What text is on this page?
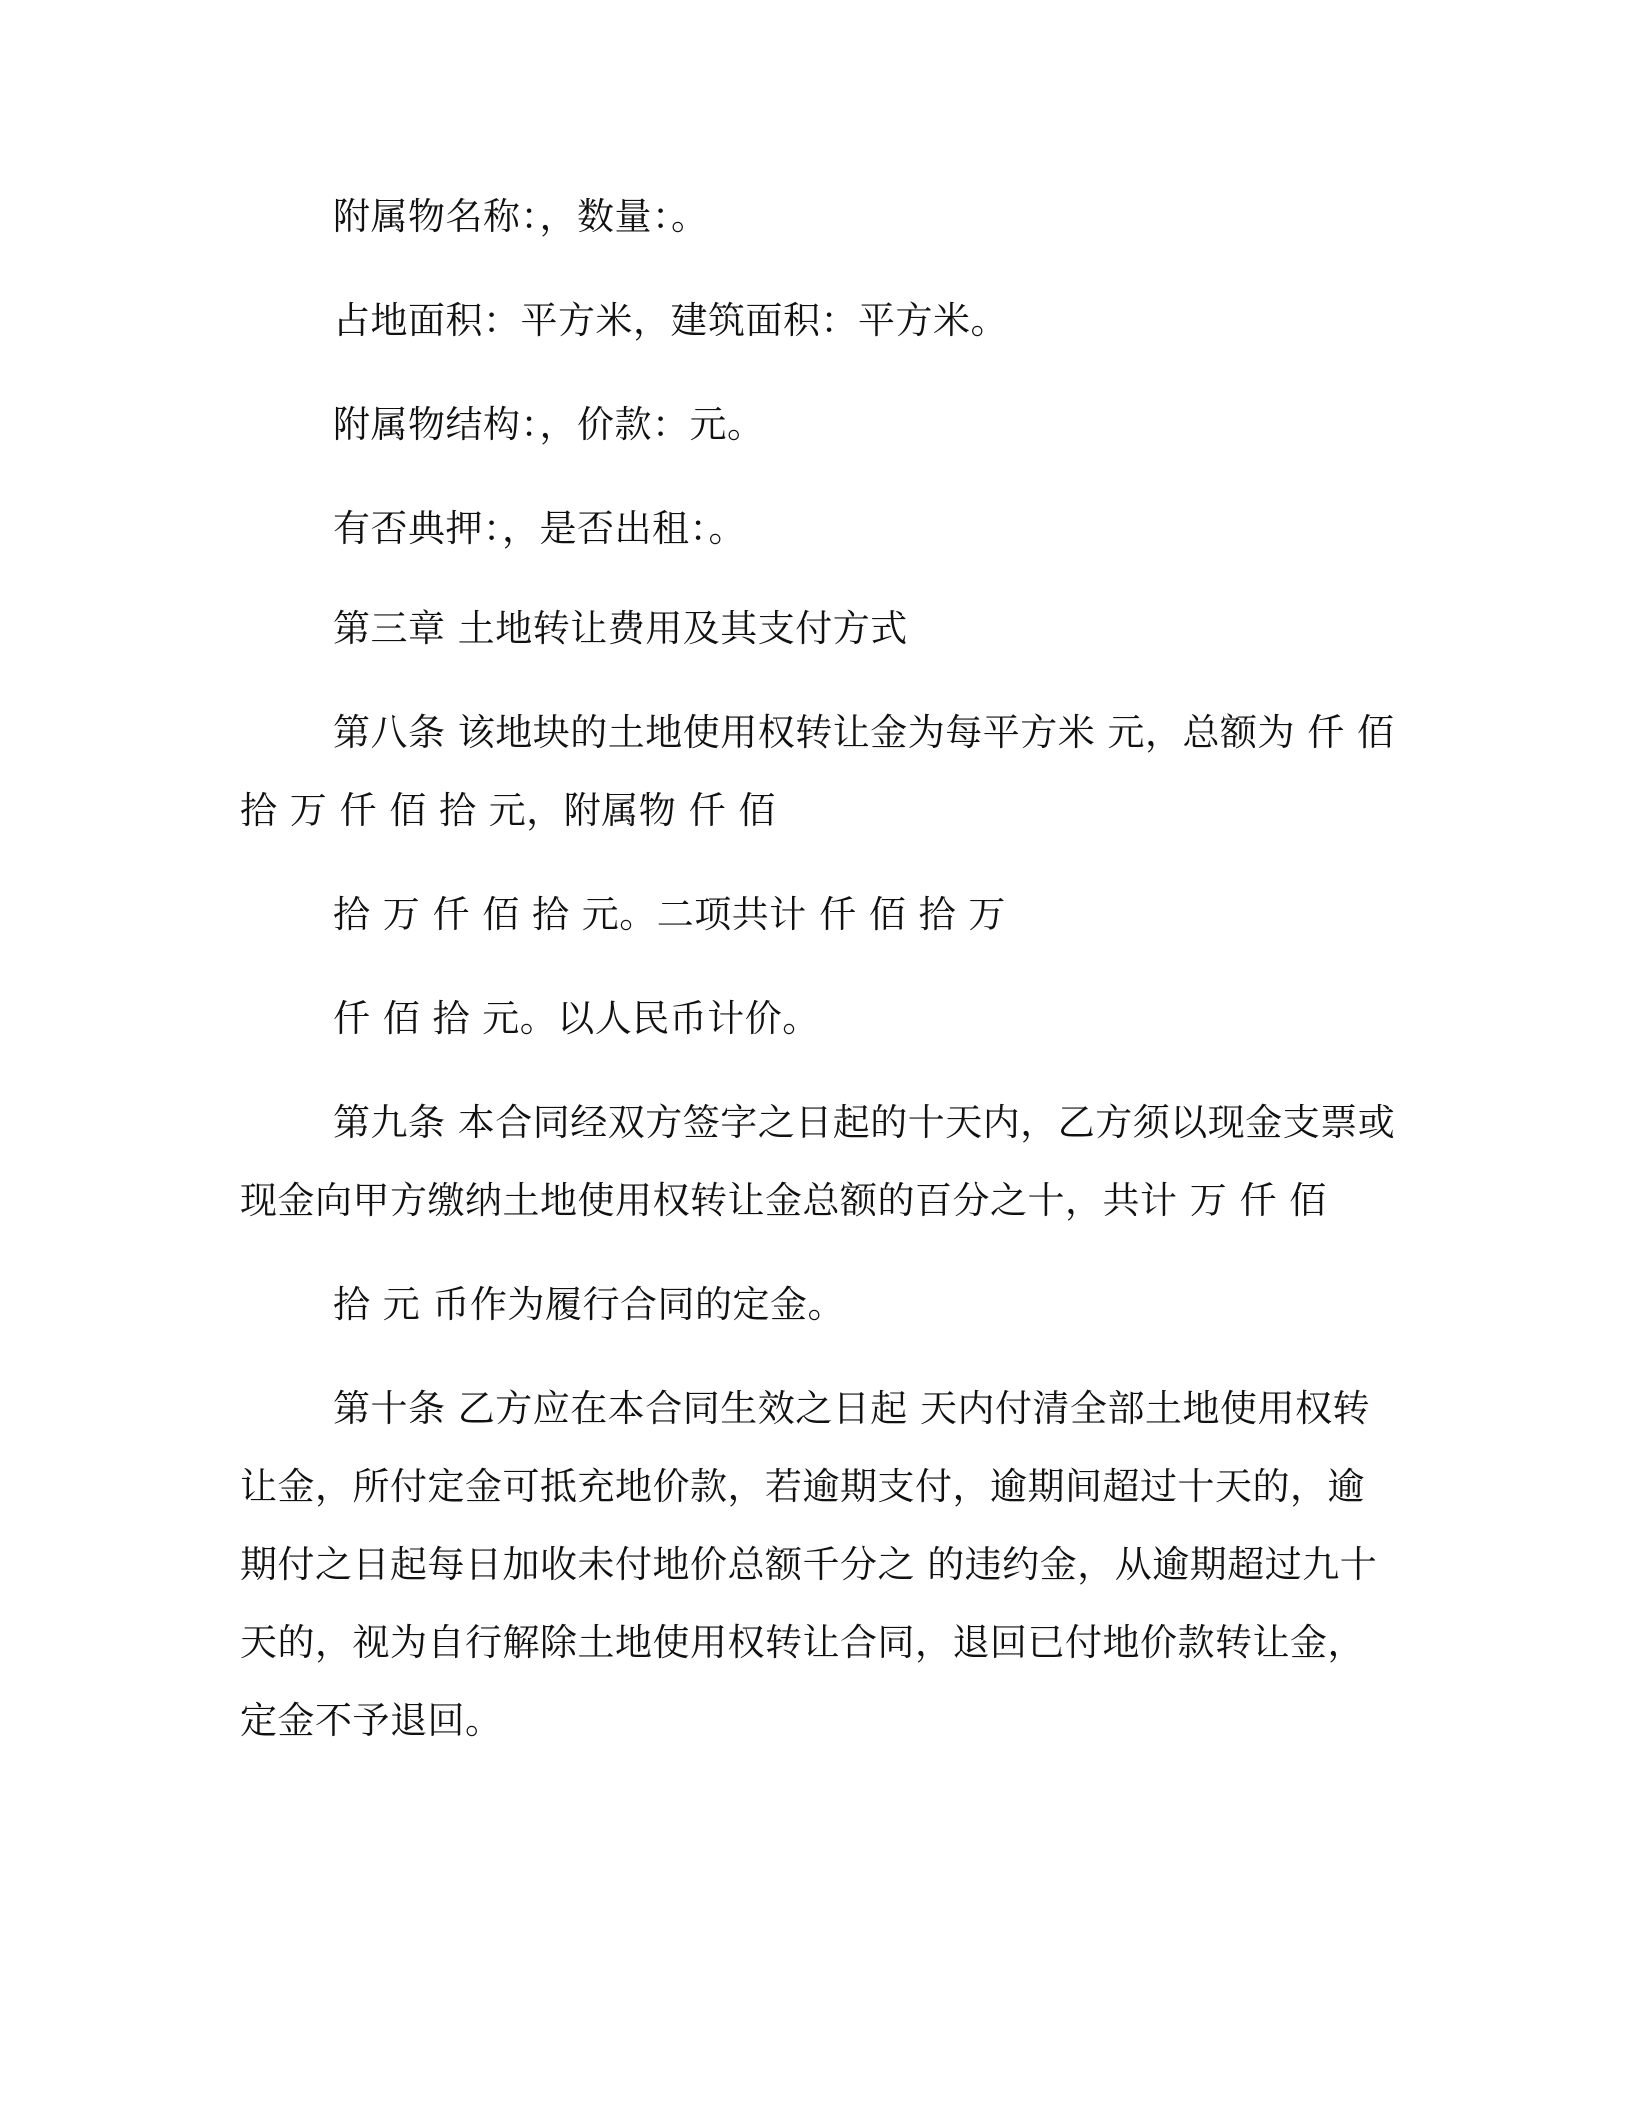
附属物名称：，数量：。

占地面积：平方米，建筑面积：平方米。

附属物结构：，价款：元。

有否典押：，是否出租：。

第三章 土地转让费用及其支付方式

第八条 该地块的土地使用权转让金为每平方米 元，总额为 仟 佰

拾 万 仟 佰 拾 元，附属物 仟 佰

拾 万 仟 佰 拾 元。二项共计 仟 佰 拾 万

仟 佰 拾 元。以人民币计价。

第九条 本合同经双方签字之日起的十天内，乙方须以现金支票或

现金向甲方缴纳土地使用权转让金总额的百分之十，共计 万 仟 佰

拾 元 币作为履行合同的定金。

第十条 乙方应在本合同生效之日起 天内付清全部土地使用权转

让金，所付定金可抵充地价款，若逾期支付，逾期间超过十天的，逾

期付之日起每日加收未付地价总额千分之 的违约金，从逾期超过九十

天的，视为自行解除土地使用权转让合同，退回已付地价款转让金，

定金不予退回。
